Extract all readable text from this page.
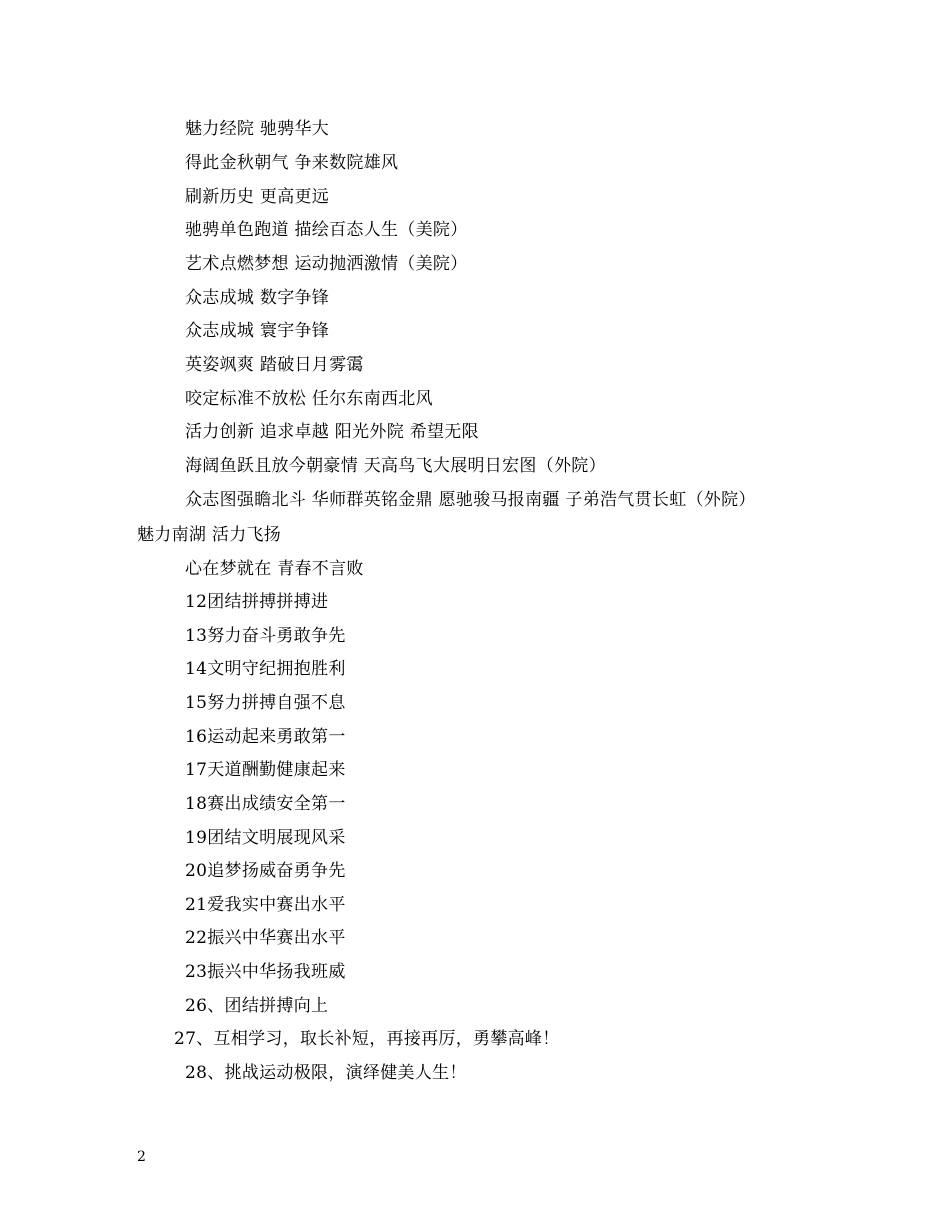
魅力经院 驰骋华大
得此金秋朝气 争来数院雄风
刷新历史 更高更远
驰骋单色跑道 描绘百态人生（美院）
艺术点燃梦想 运动抛洒激情（美院）
众志成城 数字争锋
众志成城 寰宇争锋
英姿飒爽 踏破日月雾霭
咬定标准不放松 任尔东南西北风
活力创新 追求卓越 阳光外院 希望无限
海阔鱼跃且放今朝豪情 天高鸟飞大展明日宏图（外院）
众志图强瞻北斗 华师群英铭金鼎 愿驰骏马报南疆 子弟浩气贯长虹（外院）
魅力南湖 活力飞扬
心在梦就在 青春不言败
12团结拼搏拼搏进
13努力奋斗勇敢争先
14文明守纪拥抱胜利
15努力拼搏自强不息
16运动起来勇敢第一
17天道酬勤健康起来
18赛出成绩安全第一
19团结文明展现风采
20追梦扬威奋勇争先
21爱我实中赛出水平
22振兴中华赛出水平
23振兴中华扬我班威
26、团结拼搏向上
27、互相学习，取长补短，再接再厉，勇攀高峰！
28、挑战运动极限，演绎健美人生！
2
